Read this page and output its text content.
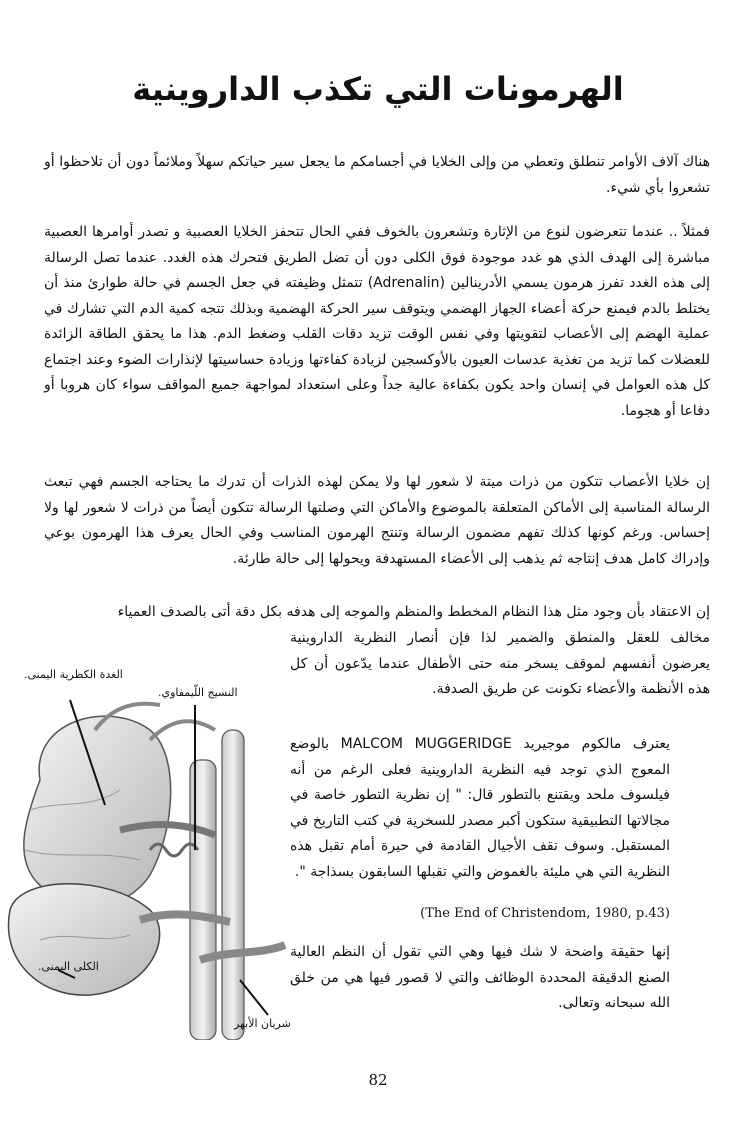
الهرمونات التي تكذب الداروينية

هناك آلاف الأوامر تنطلق وتعطي من وإلى الخلايا في أجسامكم ما يجعل سير حياتكم سهلاً وملائماً دون أن تلاحظوا أو تشعروا بأي شيء.

فمثلاً .. عندما تتعرضون لنوع من الإثارة وتشعرون بالخوف ففي الحال تتحفز الخلايا العصبية و تصدر أوامرها العصبية مباشرة إلى الهدف الذي هو غدد موجودة فوق الكلى دون أن تضل الطريق فتحرك هذه الغدد. عندما تصل الرسالة إلى هذه الغدد تفرز هرمون يسمي الأدرينالين (Adrenalin) تتمثل وظيفته في جعل الجسم في حالة طوارئ منذ أن يختلط بالدم فيمنع حركة أعضاء الجهاز الهضمي ويتوقف سير الحركة الهضمية وبذلك تتجه كمية الدم التي تشارك في عملية الهضم إلى الأعصاب لتقويتها وفي نفس الوقت تزيد دقات القلب وضغط الدم. هذا ما يحقق الطاقة الزائدة للعضلات كما تزيد من تغذية عدسات العيون بالأوكسجين لزيادة كفاءتها وزيادة حساسيتها لإنذارات الضوء وعند اجتماع كل هذه العوامل في إنسان واحد يكون بكفاءة عالية جداً وعلى استعداد لمواجهة جميع المواقف سواء كان هروبا أو دفاعا أو هجوما.

إن خلايا الأعصاب تتكون من ذرات ميتة لا شعور لها ولا يمكن لهذه الذرات أن تدرك ما يحتاجه الجسم فهي تبعث الرسالة المناسبة إلى الأماكن المتعلقة بالموضوع والأماكن التي وصلتها الرسالة تتكون أيضاً من ذرات لا شعور لها ولا إحساس. ورغم كونها كذلك تفهم مضمون الرسالة وتنتج الهرمون المناسب وفي الحال يعرف هذا الهرمون بوعي وإدراك كامل هدف إنتاجه ثم يذهب إلى الأعضاء المستهدفة ويحولها إلى حالة طارئة.

إن الاعتقاد بأن وجود مثل هذا النظام المخطط والمنظم والموجه إلى هدفه بكل دقة أتى بالصدف العمياء

مخالف للعقل والمنطق والضمير لذا فإن أنصار النظرية الداروينية يعرضون أنفسهم لموقف يسخر منه حتى الأطفال عندما يدّعون أن كل هذه الأنظمة والأعضاء تكونت عن طريق الصدفة.

يعترف مالكوم موجيريد MALCOM MUGGERIDGE بالوضع المعوج الذي توجد فيه النظرية الداروينية فعلى الرغم من أنه فيلسوف ملحد ويقتنع بالتطور قال: " إن نظرية التطور خاصة في مجالاتها التطبيقية ستكون أكبر مصدر للسخرية في كتب التاريخ في المستقبل. وسوف تقف الأجيال القادمة في حيرة أمام تقبل هذه النظرية التي هي مليئة بالغموض والتي تقبلها السابقون بسذاجة ".

(The End of Christendom, 1980, p.43)

إنها حقيقة واضحة لا شك فيها وهي التي تقول أن النظم العالية الصنع الدقيقة المحددة الوظائف والتي لا قصور فيها هي من خلق الله سبحانه وتعالى.

الغدة الكظرية اليمنى.
النسيج اللّيمفاوي.
الكلى اليمنى.
شريان الأبهر
82
